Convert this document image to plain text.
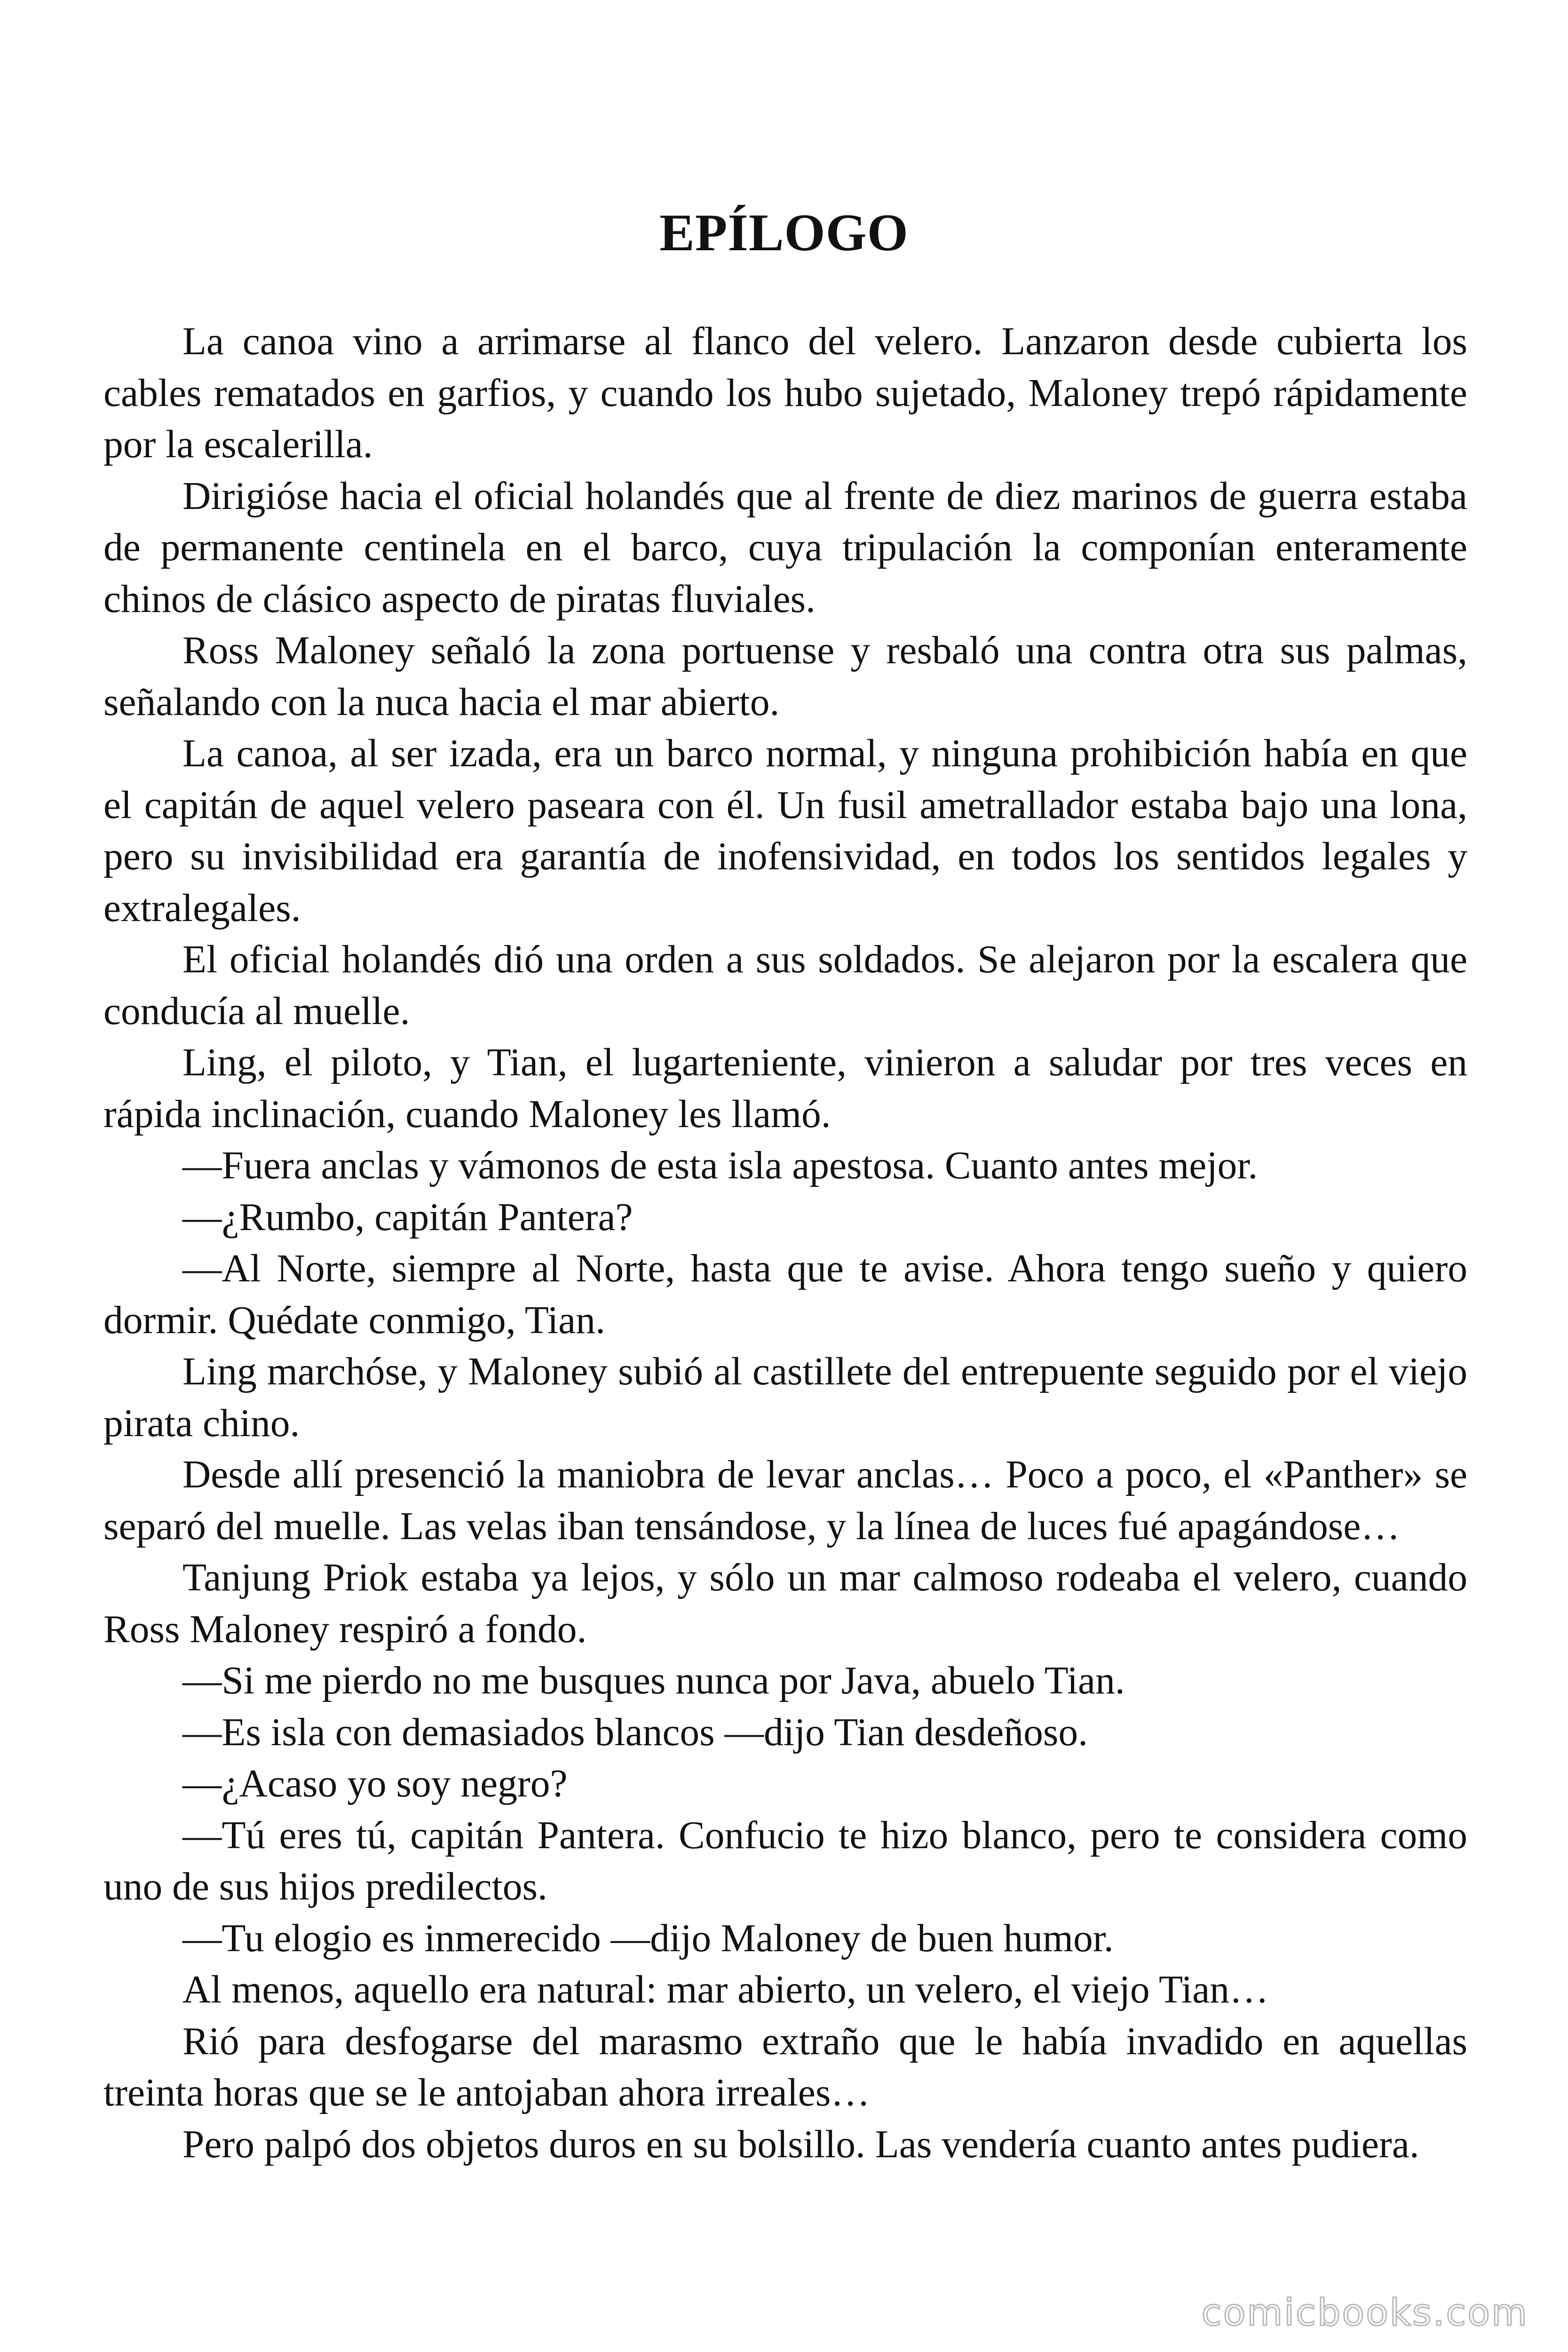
EPÍLOGO

La canoa vino a arrimarse al flanco del velero. Lanzaron desde cubierta los cables rematados en garfios, y cuando los hubo sujetado, Maloney trepó rápidamente por la escalerilla.

Dirigióse hacia el oficial holandés que al frente de diez marinos de guerra estaba de permanente centinela en el barco, cuya tripulación la componían enteramente chinos de clásico aspecto de piratas fluviales.

Ross Maloney señaló la zona portuense y resbaló una contra otra sus palmas, señalando con la nuca hacia el mar abierto.

La canoa, al ser izada, era un barco normal, y ninguna prohibición había en que el capitán de aquel velero paseara con él. Un fusil ametrallador estaba bajo una lona, pero su invisibilidad era garantía de inofensividad, en todos los sentidos legales y extralegales.

El oficial holandés dió una orden a sus soldados. Se alejaron por la escalera que conducía al muelle.

Ling, el piloto, y Tian, el lugarteniente, vinieron a saludar por tres veces en rápida inclinación, cuando Maloney les llamó.

—Fuera anclas y vámonos de esta isla apestosa. Cuanto antes mejor.

—¿Rumbo, capitán Pantera?

—Al Norte, siempre al Norte, hasta que te avise. Ahora tengo sueño y quiero dormir. Quédate conmigo, Tian.

Ling marchóse, y Maloney subió al castillete del entrepuente seguido por el viejo pirata chino.

Desde allí presenció la maniobra de levar anclas… Poco a poco, el «Panther» se separó del muelle. Las velas iban tensándose, y la línea de luces fué apagándose…

Tanjung Priok estaba ya lejos, y sólo un mar calmoso rodeaba el velero, cuando Ross Maloney respiró a fondo.

—Si me pierdo no me busques nunca por Java, abuelo Tian.

—Es isla con demasiados blancos —dijo Tian desdeñoso.

—¿Acaso yo soy negro?

—Tú eres tú, capitán Pantera. Confucio te hizo blanco, pero te considera como uno de sus hijos predilectos.

—Tu elogio es inmerecido —dijo Maloney de buen humor.

Al menos, aquello era natural: mar abierto, un velero, el viejo Tian…

Rió para desfogarse del marasmo extraño que le había invadido en aquellas treinta horas que se le antojaban ahora irreales…

Pero palpó dos objetos duros en su bolsillo. Las vendería cuanto antes pudiera.

comicbooks.com
